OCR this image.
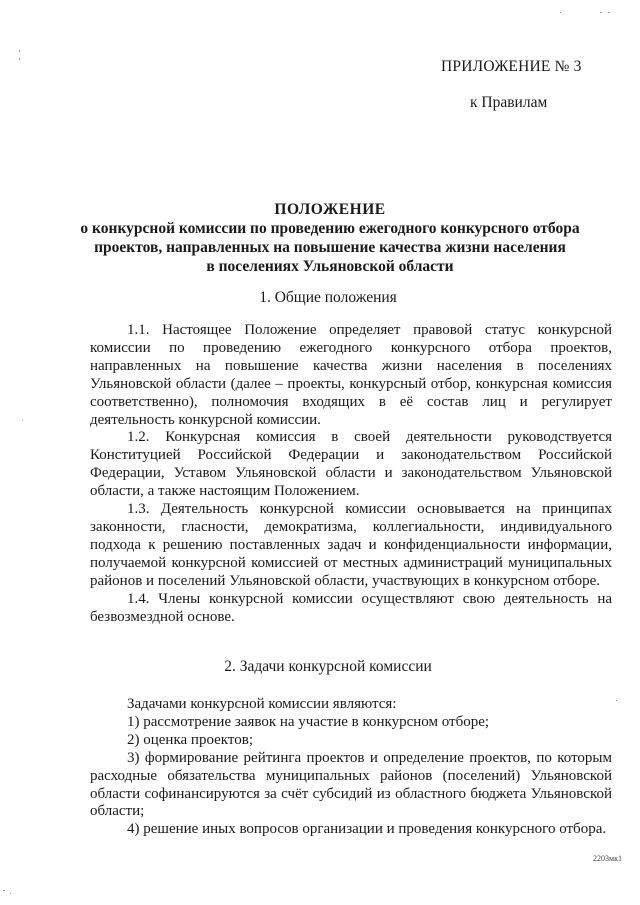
ПРИЛОЖЕНИЕ № 3
к Правилам
ПОЛОЖЕНИЕ
о конкурсной комиссии по проведению ежегодного конкурсного отбора
проектов, направленных на повышение качества жизни населения
в поселениях Ульяновской области
1. Общие положения

1.1. Настоящее Положение определяет правовой статус конкурсной комиссии по проведению ежегодного конкурсного отбора проектов, направленных на повышение качества жизни населения в поселениях Ульяновской области (далее – проекты, конкурсный отбор, конкурсная комиссия соответственно), полномочия входящих в её состав лиц и регулирует деятельность конкурсной комиссии.

1.2. Конкурсная комиссия в своей деятельности руководствуется Конституцией Российской Федерации и законодательством Российской Федерации, Уставом Ульяновской области и законодательством Ульяновской области, а также настоящим Положением.

1.3. Деятельность конкурсной комиссии основывается на принципах законности, гласности, демократизма, коллегиальности, индивидуального подхода к решению поставленных задач и конфиденциальности информации, получаемой конкурсной комиссией от местных администраций муниципальных районов и поселений Ульяновской области, участвующих в конкурсном отборе.

1.4. Члены конкурсной комиссии осуществляют свою деятельность на безвозмездной основе.

2. Задачи конкурсной комиссии

Задачами конкурсной комиссии являются:

1) рассмотрение заявок на участие в конкурсном отборе;

2) оценка проектов;

3) формирование рейтинга проектов и определение проектов, по которым расходные обязательства муниципальных районов (поселений) Ульяновской области софинансируются за счёт субсидий из областного бюджета Ульяновской области;

4) решение иных вопросов организации и проведения конкурсного отбора.

2203мк1
